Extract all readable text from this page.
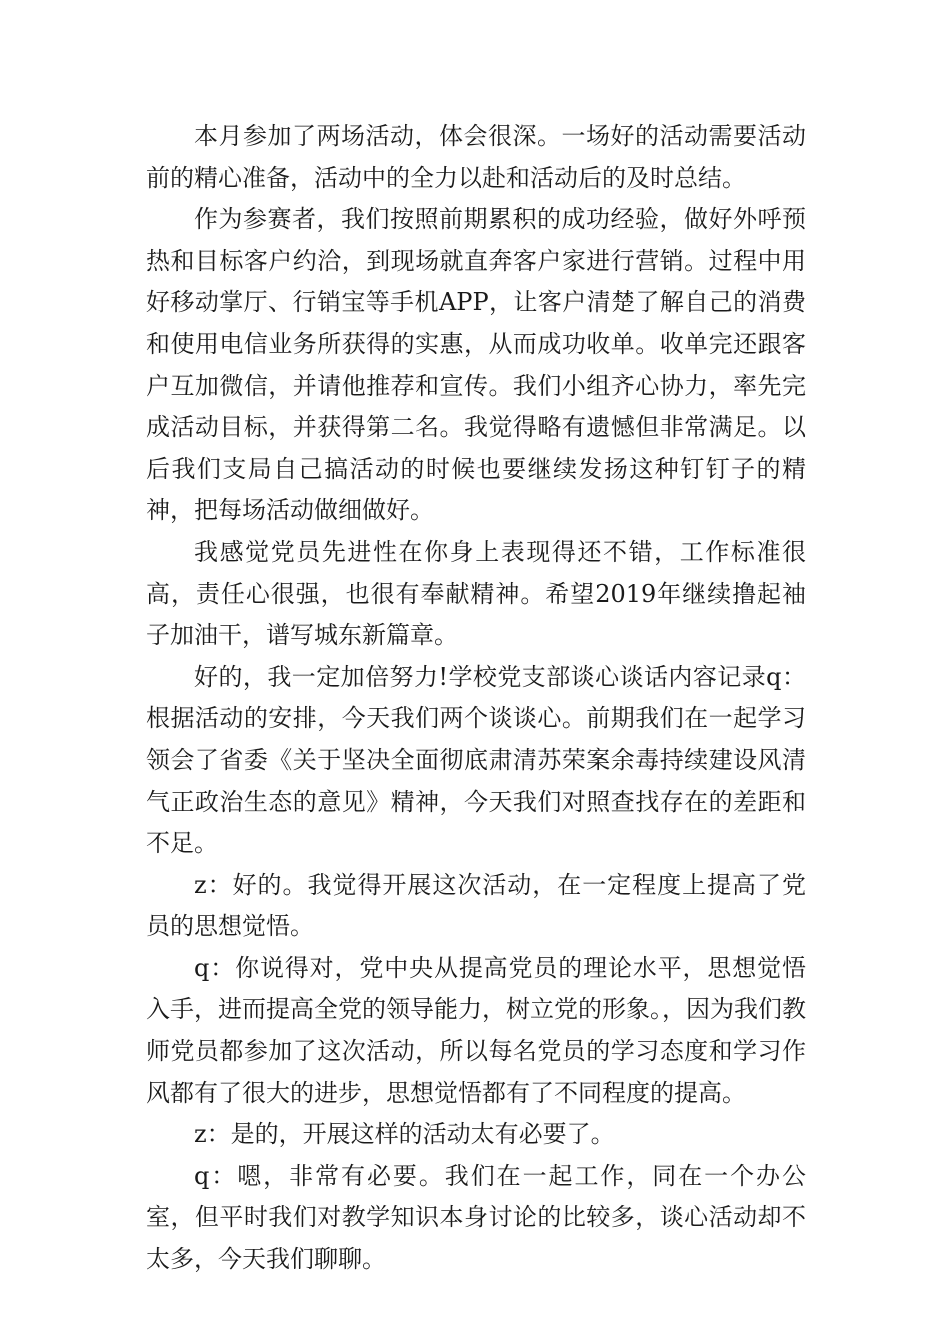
本月参加了两场活动，体会很深。一场好的活动需要活动前的精心准备，活动中的全力以赴和活动后的及时总结。

作为参赛者，我们按照前期累积的成功经验，做好外呼预热和目标客户约洽，到现场就直奔客户家进行营销。过程中用好移动掌厅、行销宝等手机APP，让客户清楚了解自己的消费和使用电信业务所获得的实惠，从而成功收单。收单完还跟客户互加微信，并请他推荐和宣传。我们小组齐心协力，率先完成活动目标，并获得第二名。我觉得略有遗憾但非常满足。以后我们支局自己搞活动的时候也要继续发扬这种钉钉子的精神，把每场活动做细做好。

我感觉党员先进性在你身上表现得还不错，工作标准很高，责任心很强，也很有奉献精神。希望2019年继续撸起袖子加油干，谱写城东新篇章。

好的，我一定加倍努力!学校党支部谈心谈话内容记录q：根据活动的安排，今天我们两个谈谈心。前期我们在一起学习领会了省委《关于坚决全面彻底肃清苏荣案余毒持续建设风清气正政治生态的意见》精神，今天我们对照查找存在的差距和不足。

z：好的。我觉得开展这次活动，在一定程度上提高了党员的思想觉悟。

q：你说得对，党中央从提高党员的理论水平，思想觉悟入手，进而提高全党的领导能力，树立党的形象。，因为我们教师党员都参加了这次活动，所以每名党员的学习态度和学习作风都有了很大的进步，思想觉悟都有了不同程度的提高。

z：是的，开展这样的活动太有必要了。

q：嗯，非常有必要。我们在一起工作，同在一个办公室，但平时我们对教学知识本身讨论的比较多，谈心活动却不太多，今天我们聊聊。
